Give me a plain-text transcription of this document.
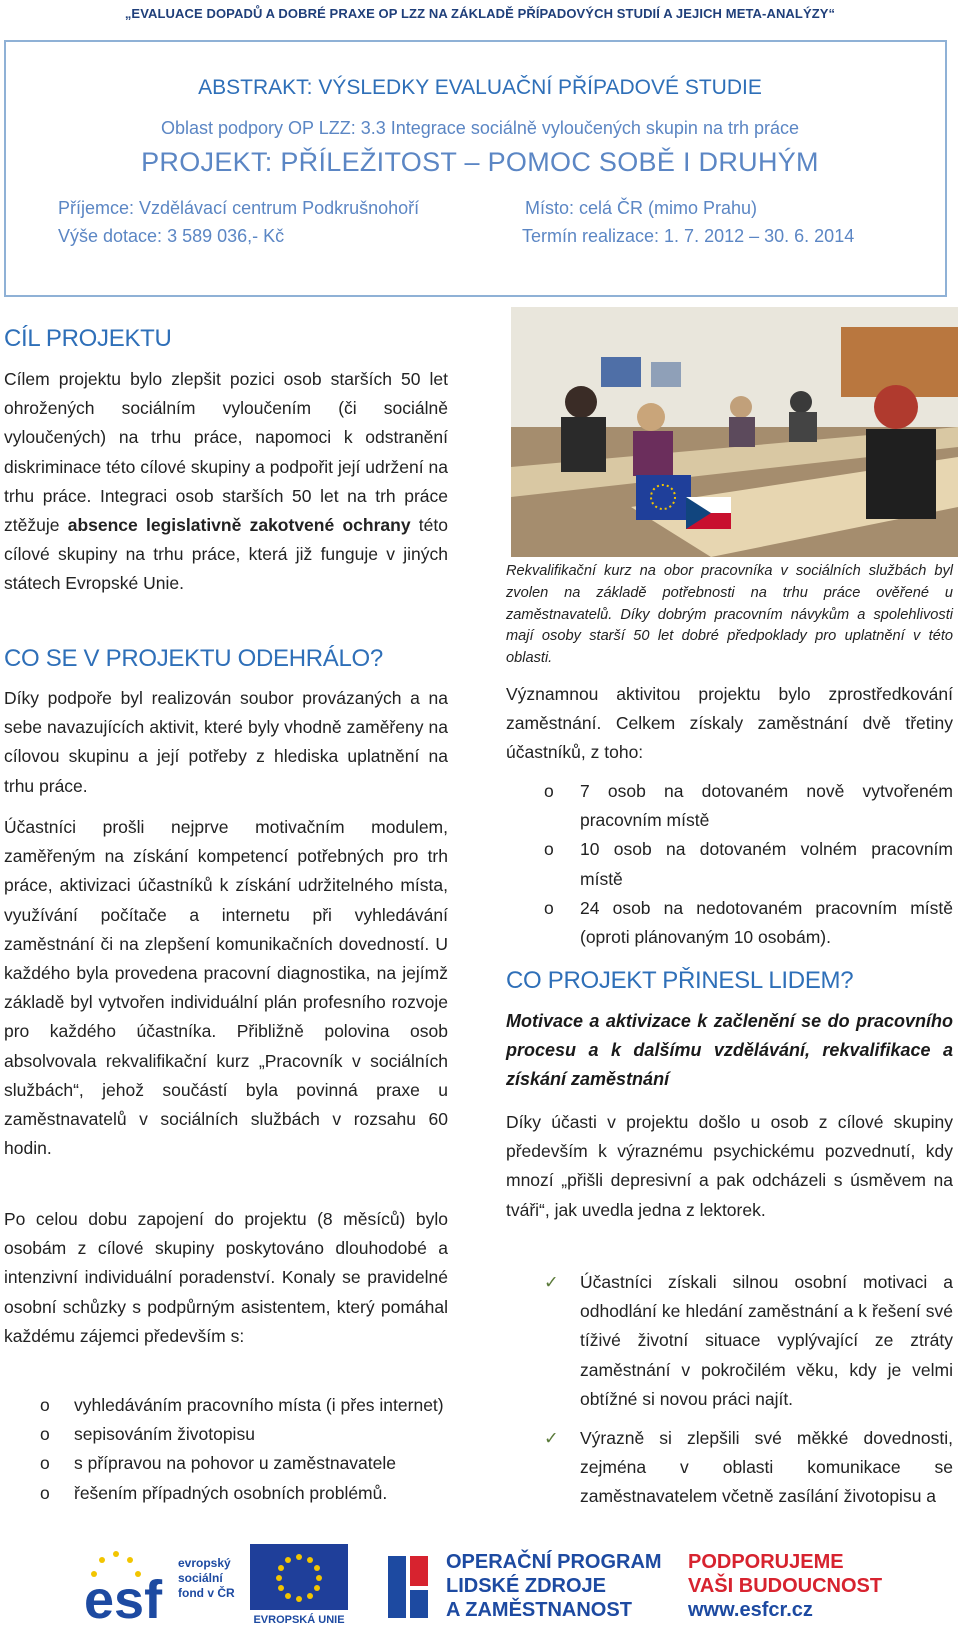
„EVALUACE DOPADŮ A DOBRÉ PRAXE OP LZZ NA ZÁKLADĚ PŘÍPADOVÝCH STUDIÍ A JEJICH META-ANALÝZY“
ABSTRAKT: VÝSLEDKY EVALUAČNÍ PŘÍPADOVÉ STUDIE
Oblast podpory OP LZZ: 3.3 Integrace sociálně vyloučených skupin na trh práce
PROJEKT: PŘÍLEŽITOST – POMOC SOBĚ I DRUHÝM
Příjemce: Vzdělávací centrum Podkrušnohoří	Místo: celá ČR (mimo Prahu)
Výše dotace: 3 589 036,- Kč	Termín realizace: 1. 7. 2012 – 30. 6. 2014
CÍL PROJEKTU
Cílem projektu bylo zlepšit pozici osob starších 50 let ohrožených sociálním vyloučením (či sociálně vyloučených) na trhu práce, napomoci k odstranění diskriminace této cílové skupiny a podpořit její udržení na trhu práce. Integraci osob starších 50 let na trh práce ztěžuje absence legislativně zakotvené ochrany této cílové skupiny na trhu práce, která již funguje v jiných státech Evropské Unie.
CO SE V PROJEKTU ODEHRÁLO?
Díky podpoře byl realizován soubor provázaných a na sebe navazujících aktivit, které byly vhodně zaměřeny na cílovou skupinu a její potřeby z hlediska uplatnění na trhu práce.
Účastníci prošli nejprve motivačním modulem, zaměřeným na získání kompetencí potřebných pro trh práce, aktivizaci účastníků k získání udržitelného místa, využívání počítače a internetu při vyhledávání zaměstnání či na zlepšení komunikačních dovedností. U každého byla provedena pracovní diagnostika, na jejímž základě byl vytvořen individuální plán profesního rozvoje pro každého účastníka. Přibližně polovina osob absolvovala rekvalifikační kurz „Pracovník v sociálních službách“, jehož součástí byla povinná praxe u zaměstnavatelů v sociálních službách v rozsahu 60 hodin.
Po celou dobu zapojení do projektu (8 měsíců) bylo osobám z cílové skupiny poskytováno dlouhodobé a intenzivní individuální poradenství. Konaly se pravidelné osobní schůzky s podpůrným asistentem, který pomáhal každému zájemci především s:
o vyhledáváním pracovního místa (i přes internet)
o sepisováním životopisu
o s přípravou na pohovor u zaměstnavatele
o řešením případných osobních problémů.
Rekvalifikační kurz na obor pracovníka v sociálních službách byl zvolen na základě potřebnosti na trhu práce ověřené u zaměstnavatelů. Díky dobrým pracovním návykům a spolehlivosti mají osoby starší 50 let dobré předpoklady pro uplatnění v této oblasti.
Významnou aktivitou projektu bylo zprostředkování zaměstnání. Celkem získaly zaměstnání dvě třetiny účastníků, z toho:
o 7 osob na dotovaném nově vytvořeném pracovním místě
o 10 osob na dotovaném volném pracovním místě
o 24 osob na nedotovaném pracovním místě (oproti plánovaným 10 osobám).
CO PROJEKT PŘINESL LIDEM?
Motivace a aktivizace k začlenění se do pracovního procesu a k dalšímu vzdělávání, rekvalifikace a získání zaměstnání
Díky účasti v projektu došlo u osob z cílové skupiny především k výraznému psychickému pozvednutí, kdy mnozí „přišli depresivní a pak odcházeli s úsměvem na tváři“, jak uvedla jedna z lektorek.
✓ Účastníci získali silnou osobní motivaci a odhodlání ke hledání zaměstnání a k řešení své tíživé životní situace vyplývající ze ztráty zaměstnání v pokročilém věku, kdy je velmi obtížné si novou práci najít.
✓ Výrazně si zlepšili své měkké dovednosti, zejména v oblasti komunikace se zaměstnavatelem včetně zasílání životopisu a
esf
evropský
sociální
fond v ČR
EVROPSKÁ UNIE
OPERAČNÍ PROGRAM
LIDSKÉ ZDROJE
A ZAMĚSTNANOST
PODPORUJEME
VAŠI BUDOUCNOST
www.esfcr.cz
